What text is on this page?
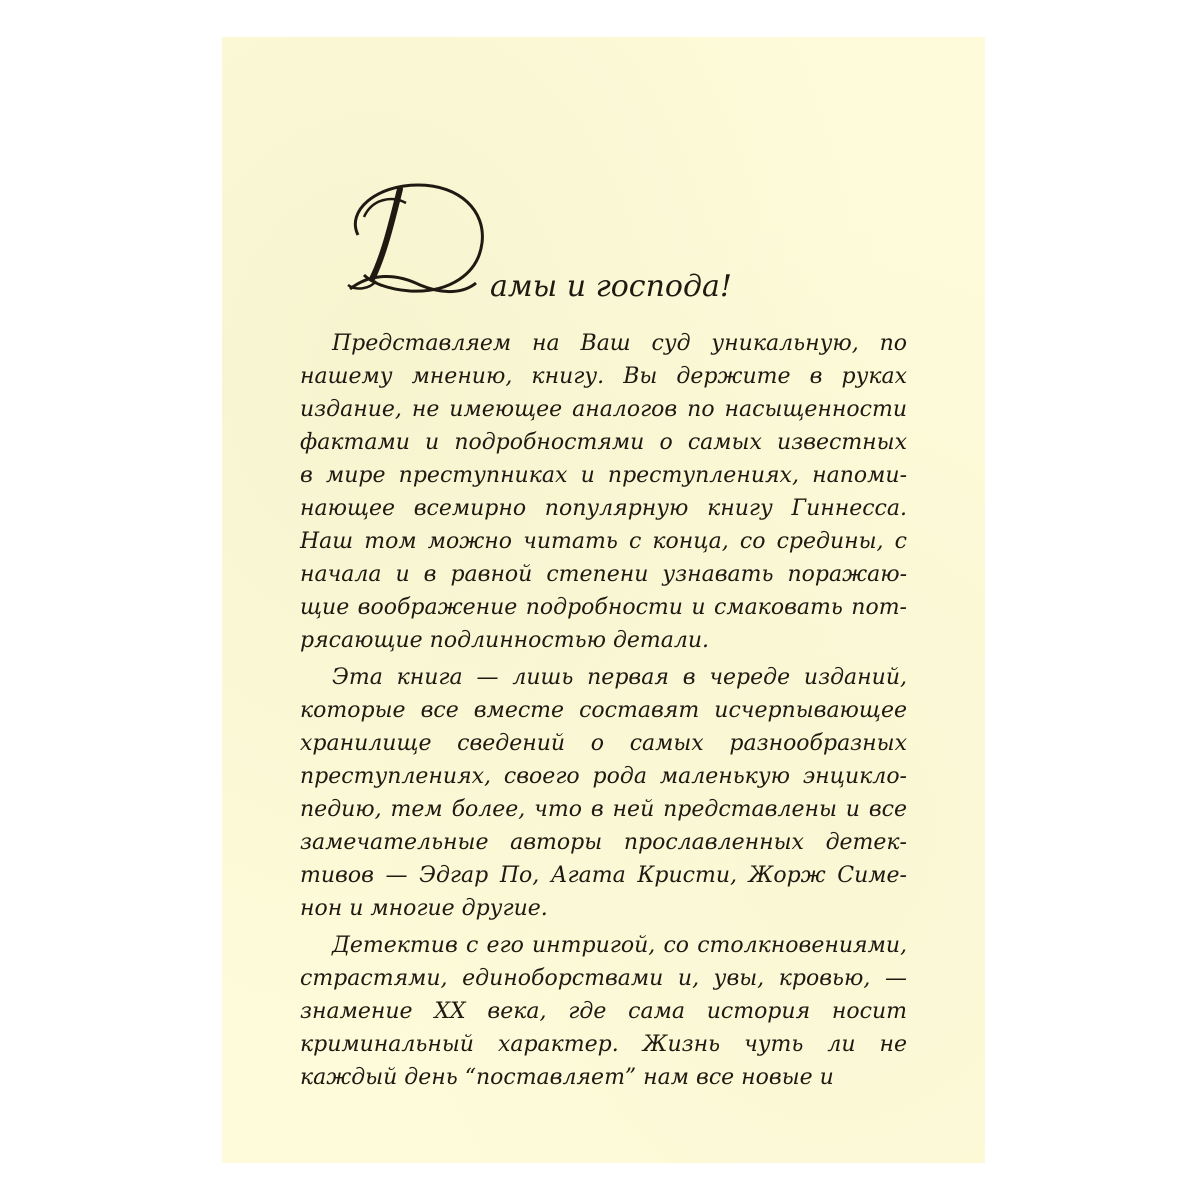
Д амы и господа!
Представляем на Ваш суд уникальную, по
нашему мнению, книгу. Вы держите в руках
издание, не имеющее аналогов по насыщенности
фактами и подробностями о самых известных
в мире преступниках и преступлениях, напоми-
нающее всемирно популярную книгу Гиннесса.
Наш том можно читать с конца, со средины, с
начала и в равной степени узнавать поражаю-
щие воображение подробности и смаковать пот-
рясающие подлинностью детали.
Эта книга — лишь первая в череде изданий,
которые все вместе составят исчерпывающее
хранилище сведений о самых разнообразных
преступлениях, своего рода маленькую энцикло-
педию, тем более, что в ней представлены и все
замечательные авторы прославленных детек-
тивов — Эдгар По, Агата Кристи, Жорж Симе-
нон и многие другие.
Детектив с его интригой, со столкновениями,
страстями, единоборствами и, увы, кровью, —
знамение XX века, где сама история носит
криминальный характер. Жизнь чуть ли не
каждый день “поставляет” нам все новые и
